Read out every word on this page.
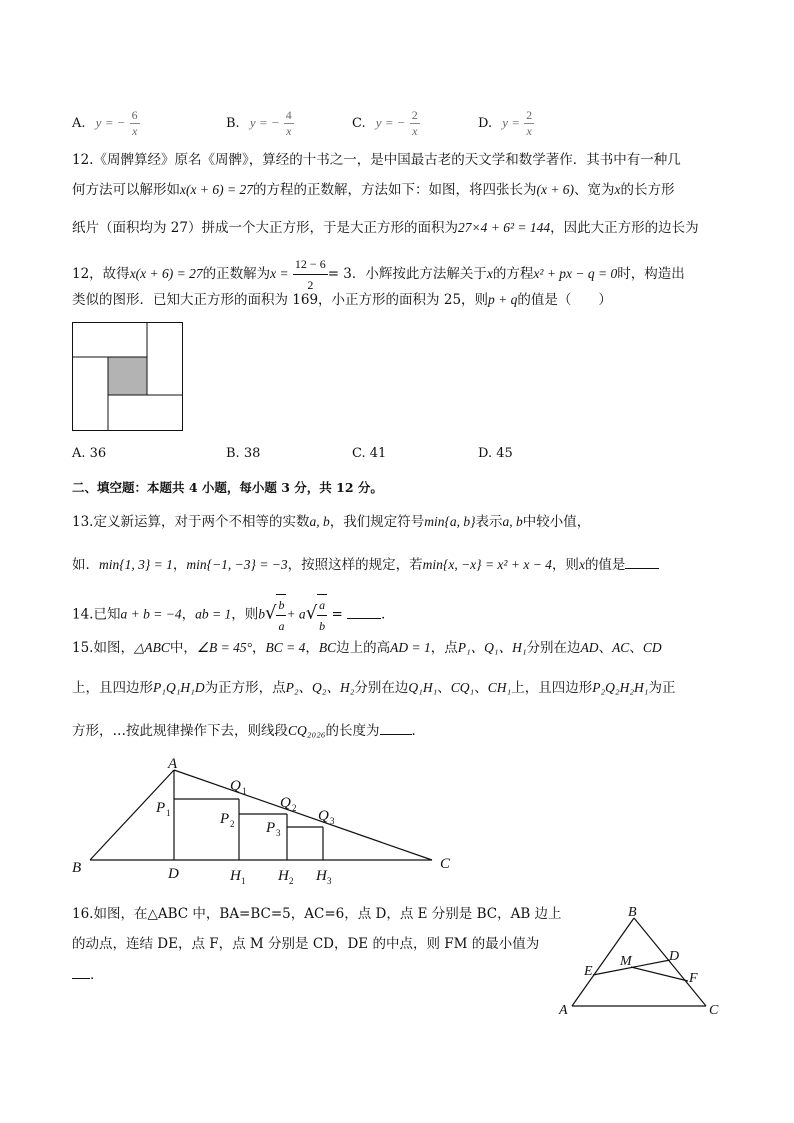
A. y = − $\frac{6}{x}$	B. y = − $\frac{4}{x}$	C. y = − $\frac{2}{x}$	D. $y = \frac{2}{x}$
12.《周髀算经》原名《周髀》，算经的十书之一，是中国最古老的天文学和数学著作．其书中有一种几
何方法可以解形如x(x + 6) = 27的方程的正数解，方法如下：如图，将四张长为(x + 6)、宽为x的长方形
纸片（面积均为 27）拼成一个大正方形，于是大正方形的面积为27×4 + 6² = 144，因此大正方形的边长为
12，故得x(x + 6) = 27的正数解为$x = \frac{12 - 6}{2} = 3$．小辉按此方法解关于x的方程x² + px − q = 0时，构造出
类似的图形．已知大正方形的面积为 169，小正方形的面积为 25，则p + q的值是（　　）
A. 36	B. 38	C. 41	D. 45
二、填空题：本题共 4 小题，每小题 3 分，共 12 分。
13.定义新运算，对于两个不相等的实数a, b，我们规定符号min{a, b}表示a, b中较小值，
如．min{1, 3} = 1，min{−1, −3} = −3，按照这样的规定，若min{x, −x} = x² + x − 4，则x的值是
14.已知a + b = −4，ab = 1，则$b√ \frac{b}{a} + a√ \frac{a}{b}$ =	．
15.如图，△ABC中，∠B = 45°，BC = 4，BC边上的高AD = 1，点P₁、Q₁、H₁分别在边AD、AC、CD
上，且四边形P₁Q₁H₁D为正方形，点P₂、Q₂、H₂分别在边Q₁H₁、CQ₁、CH₁上，且四边形P₂Q₂H₂H₁为正
方形，…按此规律操作下去，则线段CQ₂₀₂₆的长度为 ．
A
B	C
D
P
Q
P
Q
P
Q
H H H
1
1
2
2
3
3
1	2	3
16.如图，在△ABC 中，BA=BC=5，AC=6，点 D，点 E 分别是 BC，AB 边上
的动点，连结 DE，点 F，点 M 分别是 CD，DE 的中点，则 FM 的最小值为
．
B
A	C
D
E
M
F
